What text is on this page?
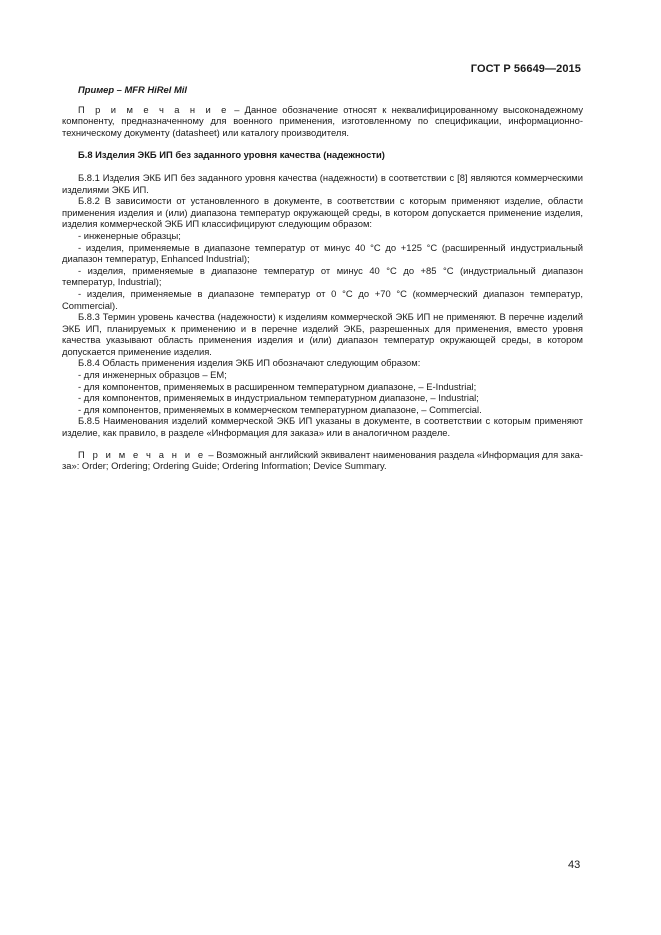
ГОСТ Р 56649—2015

Пример – MFR HiRel Mil

П р и м е ч а н и е – Данное обозначение относят к неквалифицированному высоконадежному компоненту, предназначенному для военного применения, изготовленному по спецификации, информационно-техническому документу (datasheet) или каталогу производителя.

Б.8 Изделия ЭКБ ИП без заданного уровня качества (надежности)

Б.8.1 Изделия ЭКБ ИП без заданного уровня качества (надежности) в соответствии с [8] являются коммерческими изделиями ЭКБ ИП.

Б.8.2 В зависимости от установленного в документе, в соответствии с которым применяют изделие, области применения изделия и (или) диапазона температур окружающей среды, в котором допускается применение изделия, изделия коммерческой ЭКБ ИП классифицируют следующим образом:

- инженерные образцы;
- изделия, применяемые в диапазоне температур от минус 40 °С до +125 °С (расширенный индустриальный диапазон температур, Enhanced Industrial);
- изделия, применяемые в диапазоне температур от минус 40 °С до +85 °С (индустриальный диапазон температур, Industrial);
- изделия, применяемые в диапазоне температур от 0 °С до +70 °С (коммерческий диапазон температур, Commercial).

Б.8.3 Термин уровень качества (надежности) к изделиям коммерческой ЭКБ ИП не применяют. В перечне изделий ЭКБ ИП, планируемых к применению и в перечне изделий ЭКБ, разрешенных для применения, вместо уровня качества указывают область применения изделия и (или) диапазон температур окружающей среды, в котором допускается применение изделия.

Б.8.4 Область применения изделия ЭКБ ИП обозначают следующим образом:

- для инженерных образцов – EM;
- для компонентов, применяемых в расширенном температурном диапазоне, – E-Industrial;
- для компонентов, применяемых в индустриальном температурном диапазоне, – Industrial;
- для компонентов, применяемых в коммерческом температурном диапазоне, – Commercial.

Б.8.5 Наименования изделий коммерческой ЭКБ ИП указаны в документе, в соответствии с которым применяют изделие, как правило, в разделе «Информация для заказа» или в аналогичном разделе.

П р и м е ч а н и е – Возможный английский эквивалент наименования раздела «Информация для заказа»: Order; Ordering; Ordering Guide; Ordering Information; Device Summary.

43
